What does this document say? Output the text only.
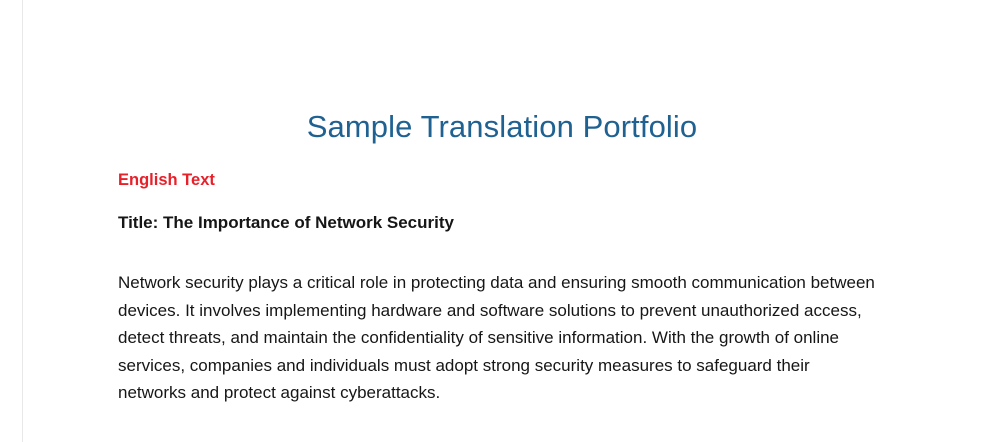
Sample Translation Portfolio
English Text
Title: The Importance of Network Security

Network security plays a critical role in protecting data and ensuring smooth communication between devices. It involves implementing hardware and software solutions to prevent unauthorized access, detect threats, and maintain the confidentiality of sensitive information. With the growth of online services, companies and individuals must adopt strong security measures to safeguard their networks and protect against cyberattacks.
